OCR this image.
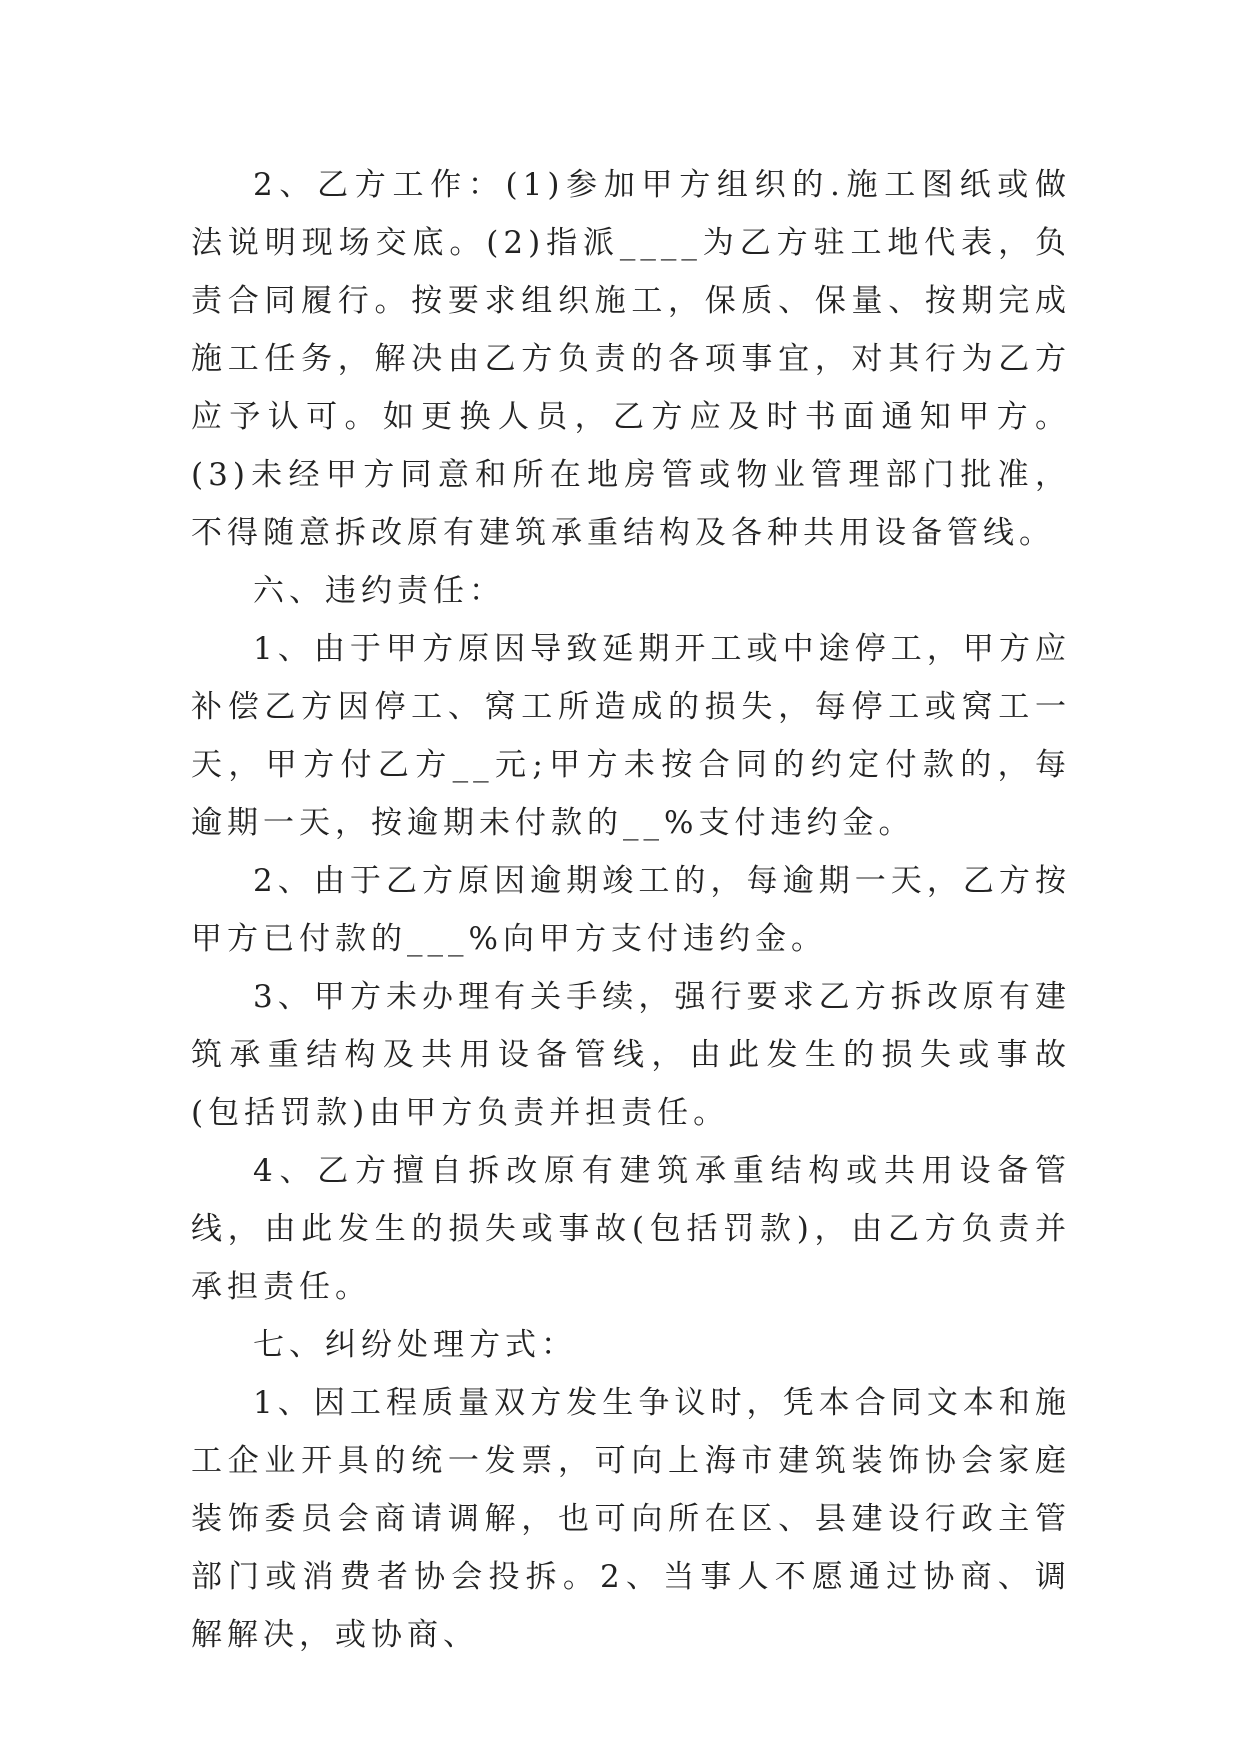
2、乙方工作：(1)参加甲方组织的.施工图纸或做法说明现场交底。(2)指派____为乙方驻工地代表，负责合同履行。按要求组织施工，保质、保量、按期完成施工任务，解决由乙方负责的各项事宜，对其行为乙方应予认可。如更换人员，乙方应及时书面通知甲方。(3)未经甲方同意和所在地房管或物业管理部门批准，不得随意拆改原有建筑承重结构及各种共用设备管线。

六、违约责任：

1、由于甲方原因导致延期开工或中途停工，甲方应补偿乙方因停工、窝工所造成的损失，每停工或窝工一天，甲方付乙方__元;甲方未按合同的约定付款的，每逾期一天，按逾期未付款的__%支付违约金。

2、由于乙方原因逾期竣工的，每逾期一天，乙方按甲方已付款的___%向甲方支付违约金。

3、甲方未办理有关手续，强行要求乙方拆改原有建筑承重结构及共用设备管线，由此发生的损失或事故(包括罚款)由甲方负责并担责任。

4、乙方擅自拆改原有建筑承重结构或共用设备管线，由此发生的损失或事故(包括罚款)，由乙方负责并承担责任。

七、纠纷处理方式：

1、因工程质量双方发生争议时，凭本合同文本和施工企业开具的统一发票，可向上海市建筑装饰协会家庭装饰委员会商请调解，也可向所在区、县建设行政主管部门或消费者协会投拆。2、当事人不愿通过协商、调解解决，或协商、
